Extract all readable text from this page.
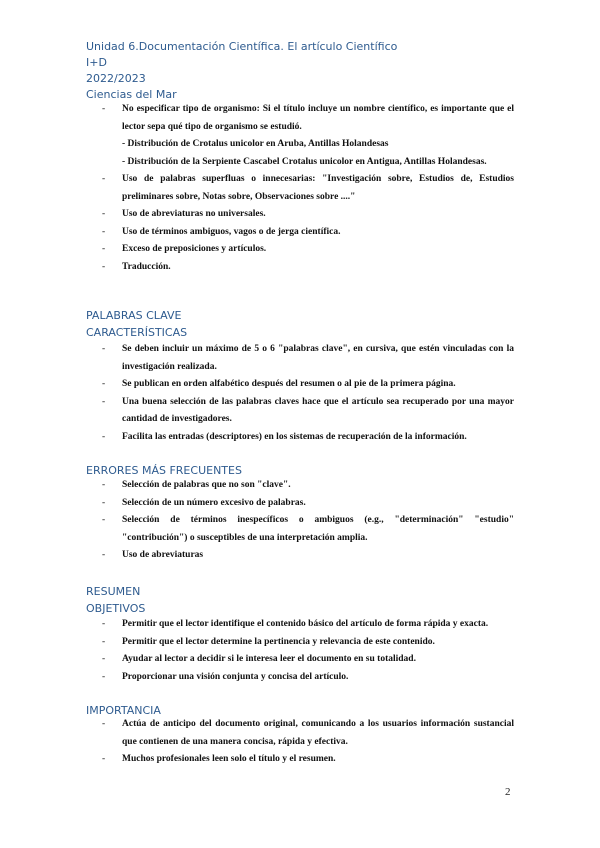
Unidad 6.Documentación Científica. El artículo Científico
I+D
2022/2023
Ciencias del Mar
- No especificar tipo de organismo: Si el título incluye un nombre científico, es importante que el lector sepa qué tipo de organismo se estudió.
- Distribución de Crotalus unicolor en Aruba, Antillas Holandesas
- Distribución de la Serpiente Cascabel Crotalus unicolor en Antigua, Antillas Holandesas.
- Uso de palabras superfluas o innecesarias: "Investigación sobre, Estudios de, Estudios preliminares sobre, Notas sobre, Observaciones sobre ...."
- Uso de abreviaturas no universales.
- Uso de términos ambiguos, vagos o de jerga científica.
- Exceso de preposiciones y artículos.
- Traducción.
PALABRAS CLAVE
CARACTERÍSTICAS
- Se deben incluir un máximo de 5 o 6 "palabras clave", en cursiva, que estén vinculadas con la investigación realizada.
- Se publican en orden alfabético después del resumen o al pie de la primera página.
- Una buena selección de las palabras claves hace que el artículo sea recuperado por una mayor cantidad de investigadores.
- Facilita las entradas (descriptores) en los sistemas de recuperación de la información.
ERRORES MÁS FRECUENTES
- Selección de palabras que no son "clave".
- Selección de un número excesivo de palabras.
- Selección de términos inespecíficos o ambiguos (e.g., "determinación" "estudio" "contribución") o susceptibles de una interpretación amplia.
- Uso de abreviaturas
RESUMEN
OBJETIVOS
- Permitir que el lector identifique el contenido básico del artículo de forma rápida y exacta.
- Permitir que el lector determine la pertinencia y relevancia de este contenido.
- Ayudar al lector a decidir si le interesa leer el documento en su totalidad.
- Proporcionar una visión conjunta y concisa del artículo.
IMPORTANCIA
- Actúa de anticipo del documento original, comunicando a los usuarios información sustancial que contienen de una manera concisa, rápida y efectiva.
- Muchos profesionales leen solo el título y el resumen.
2
